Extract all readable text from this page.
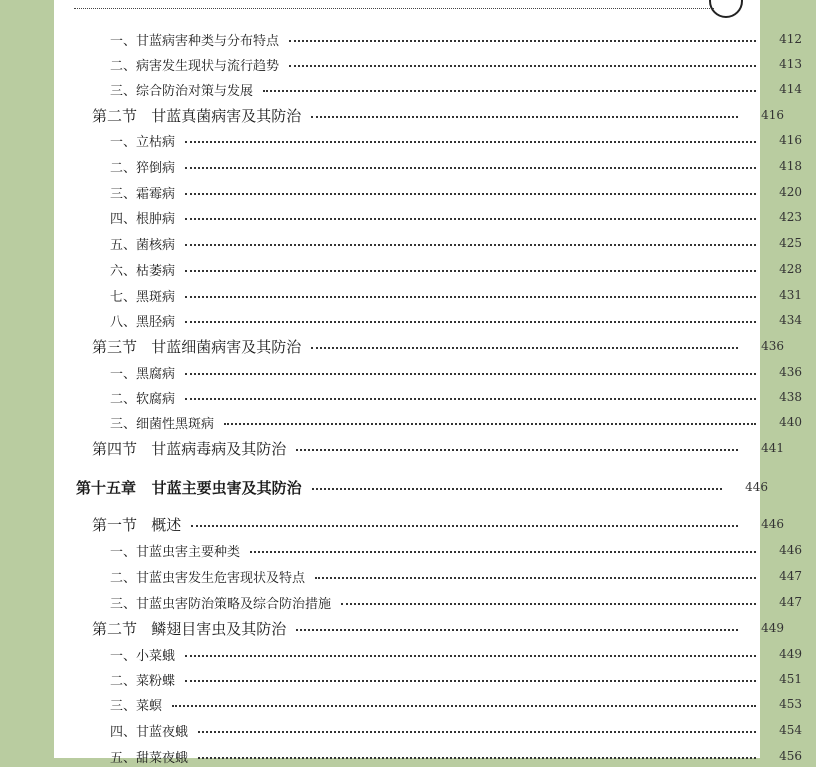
一、甘蓝病害种类与分布特点	412
二、病害发生现状与流行趋势	413
三、综合防治对策与发展	414
第二节   甘蓝真菌病害及其防治	416
一、立枯病	416
二、猝倒病	418
三、霜霉病	420
四、根肿病	423
五、菌核病	425
六、枯萎病	428
七、黑斑病	431
八、黑胫病	434
第三节   甘蓝细菌病害及其防治	436
一、黑腐病	436
二、软腐病	438
三、细菌性黑斑病	440
第四节   甘蓝病毒病及其防治	441
第十五章   甘蓝主要虫害及其防治	446
第一节   概述	446
一、甘蓝虫害主要种类	446
二、甘蓝虫害发生危害现状及特点	447
三、甘蓝虫害防治策略及综合防治措施	447
第二节   鳞翅目害虫及其防治	449
一、小菜蛾	449
二、菜粉蝶	451
三、菜螟	453
四、甘蓝夜蛾	454
五、甜菜夜蛾	456
